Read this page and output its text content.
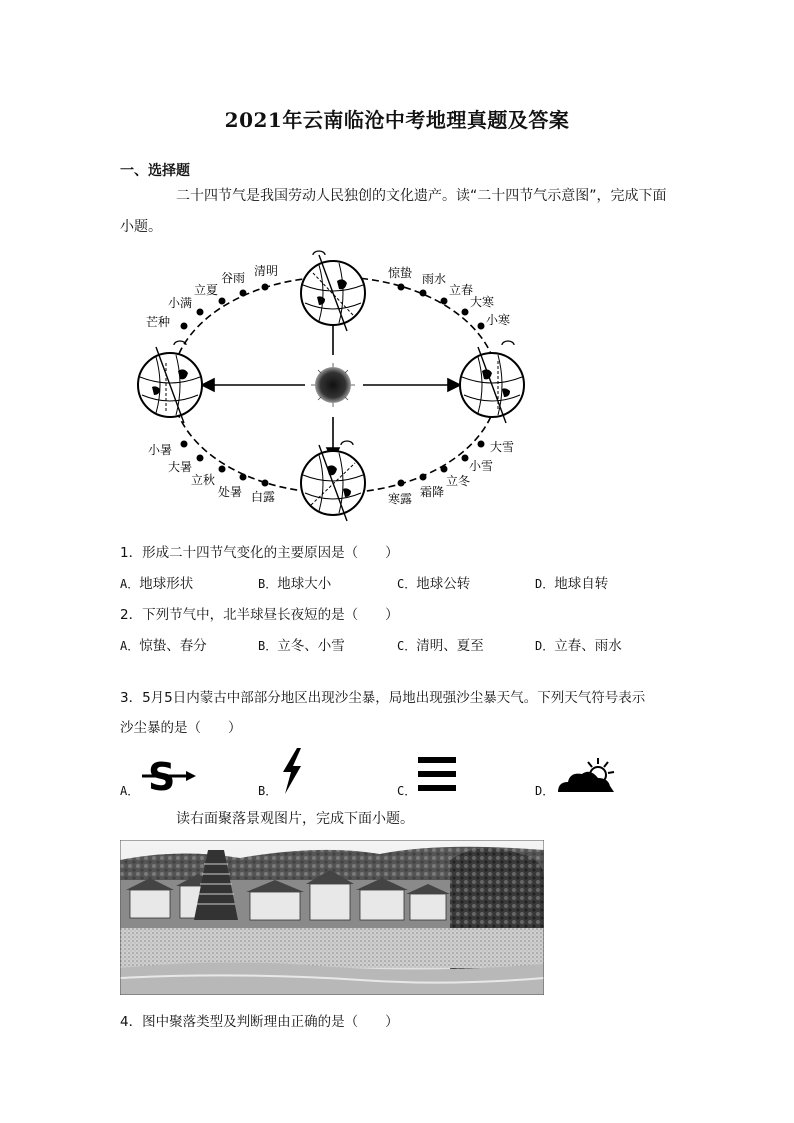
2021年云南临沧中考地理真题及答案
一、选择题
二十四节气是我国劳动人民独创的文化遗产。读“二十四节气示意图”，完成下面
小题。
清明
谷雨
立夏
小满
芒种
惊蛰 雨水
立春
大寒
小寒
小暑
大暑
立秋
处暑 白露
大雪
小雪
立冬
霜降
寒露
1．形成二十四节气变化的主要原因是（　　）
A．地球形状	B．地球大小	C．地球公转	D．地球自转
2．下列节气中，北半球昼长夜短的是（　　）
A．惊蛰、春分	B．立冬、小雪	C．清明、夏至	D．立春、雨水
3．5月5日内蒙古中部部分地区出现沙尘暴，局地出现强沙尘暴天气。下列天气符号表示
沙尘暴的是（　　）
A． S	B．	C．	D．
读右面聚落景观图片，完成下面小题。
4．图中聚落类型及判断理由正确的是（　　）
